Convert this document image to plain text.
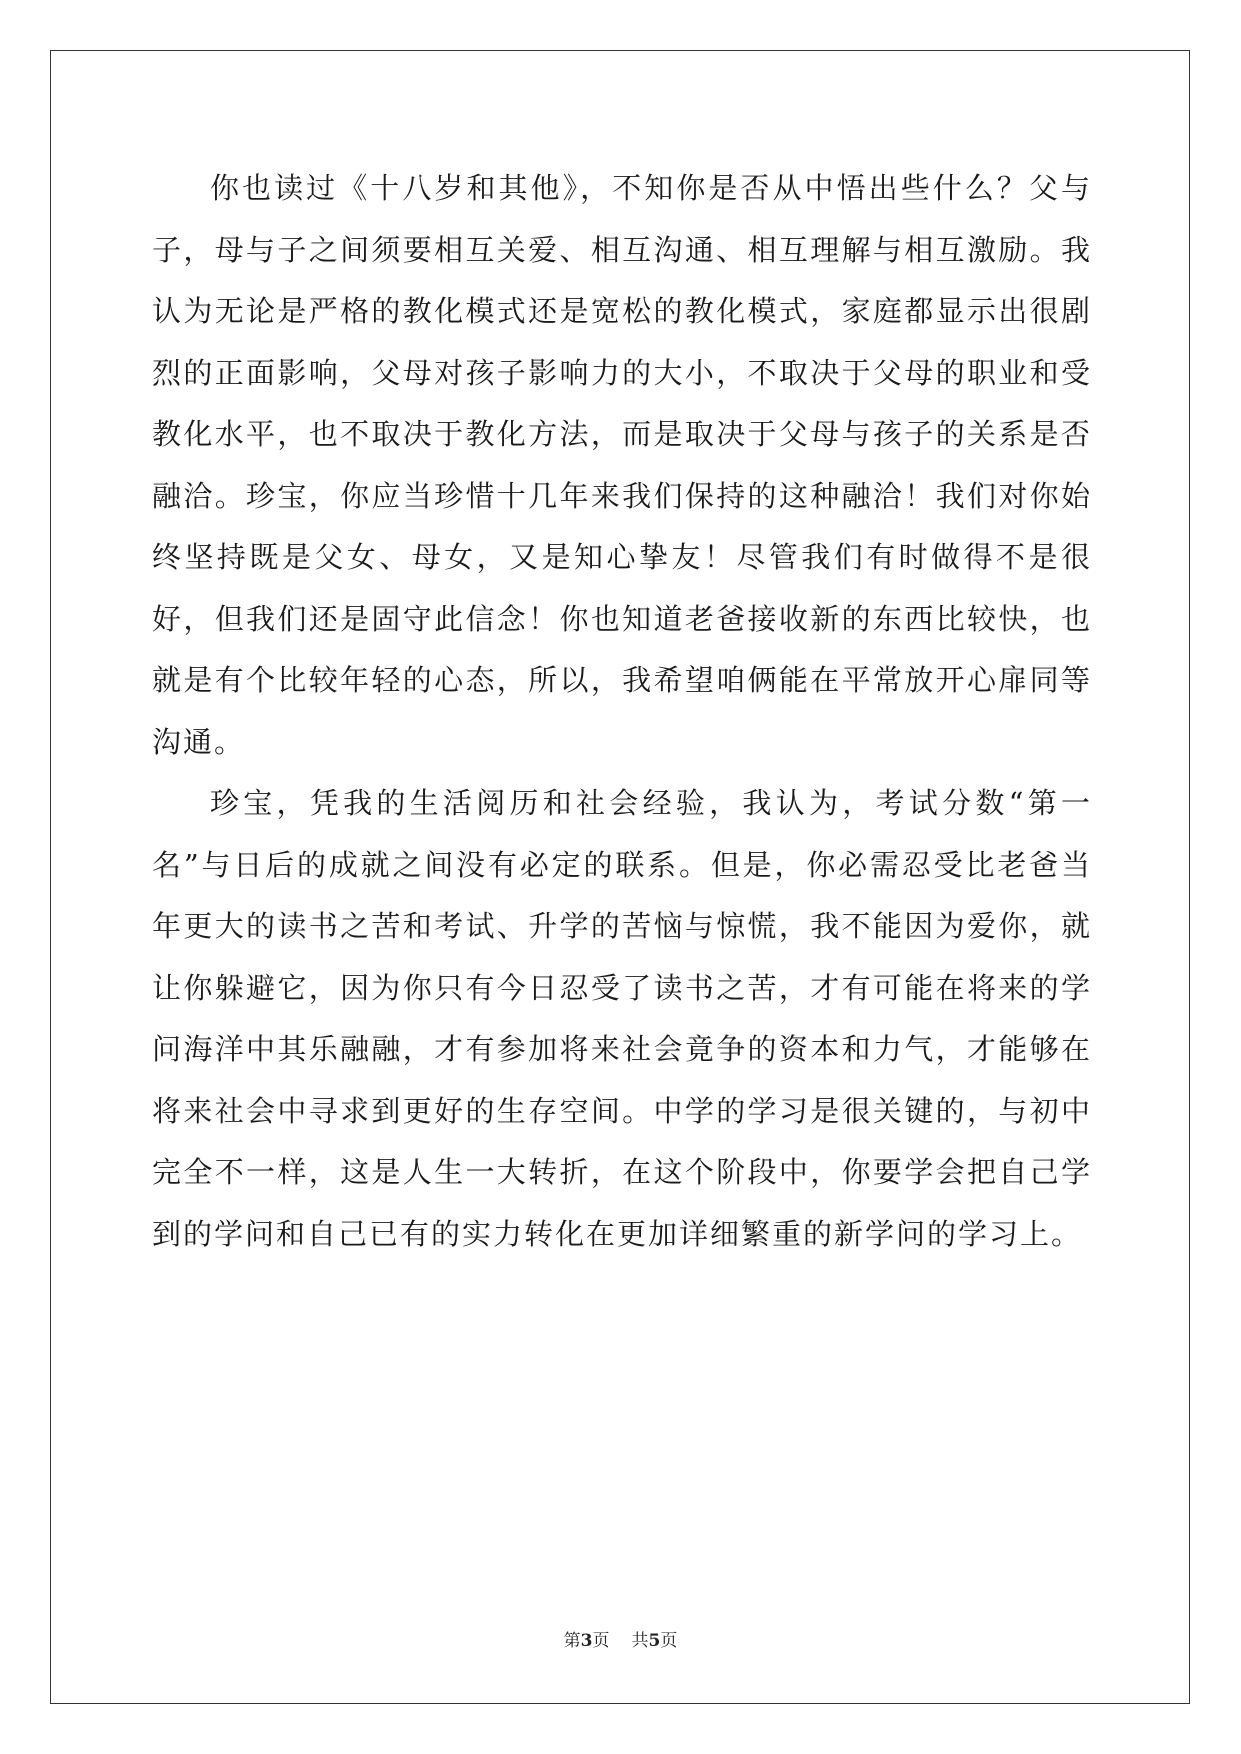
你也读过《十八岁和其他》，不知你是否从中悟出些什么？父与子，母与子之间须要相互关爱、相互沟通、相互理解与相互激励。我认为无论是严格的教化模式还是宽松的教化模式，家庭都显示出很剧烈的正面影响，父母对孩子影响力的大小，不取决于父母的职业和受教化水平，也不取决于教化方法，而是取决于父母与孩子的关系是否融洽。珍宝，你应当珍惜十几年来我们保持的这种融洽！我们对你始终坚持既是父女、母女，又是知心挚友！尽管我们有时做得不是很好，但我们还是固守此信念！你也知道老爸接收新的东西比较快，也就是有个比较年轻的心态，所以，我希望咱俩能在平常放开心扉同等沟通。

珍宝，凭我的生活阅历和社会经验，我认为，考试分数“第一名”与日后的成就之间没有必定的联系。但是，你必需忍受比老爸当年更大的读书之苦和考试、升学的苦恼与惊慌，我不能因为爱你，就让你躲避它，因为你只有今日忍受了读书之苦，才有可能在将来的学问海洋中其乐融融，才有参加将来社会竟争的资本和力气，才能够在将来社会中寻求到更好的生存空间。中学的学习是很关键的，与初中完全不一样，这是人生一大转折，在这个阶段中，你要学会把自己学到的学问和自己已有的实力转化在更加详细繁重的新学问的学习上。

第3页 共5页
